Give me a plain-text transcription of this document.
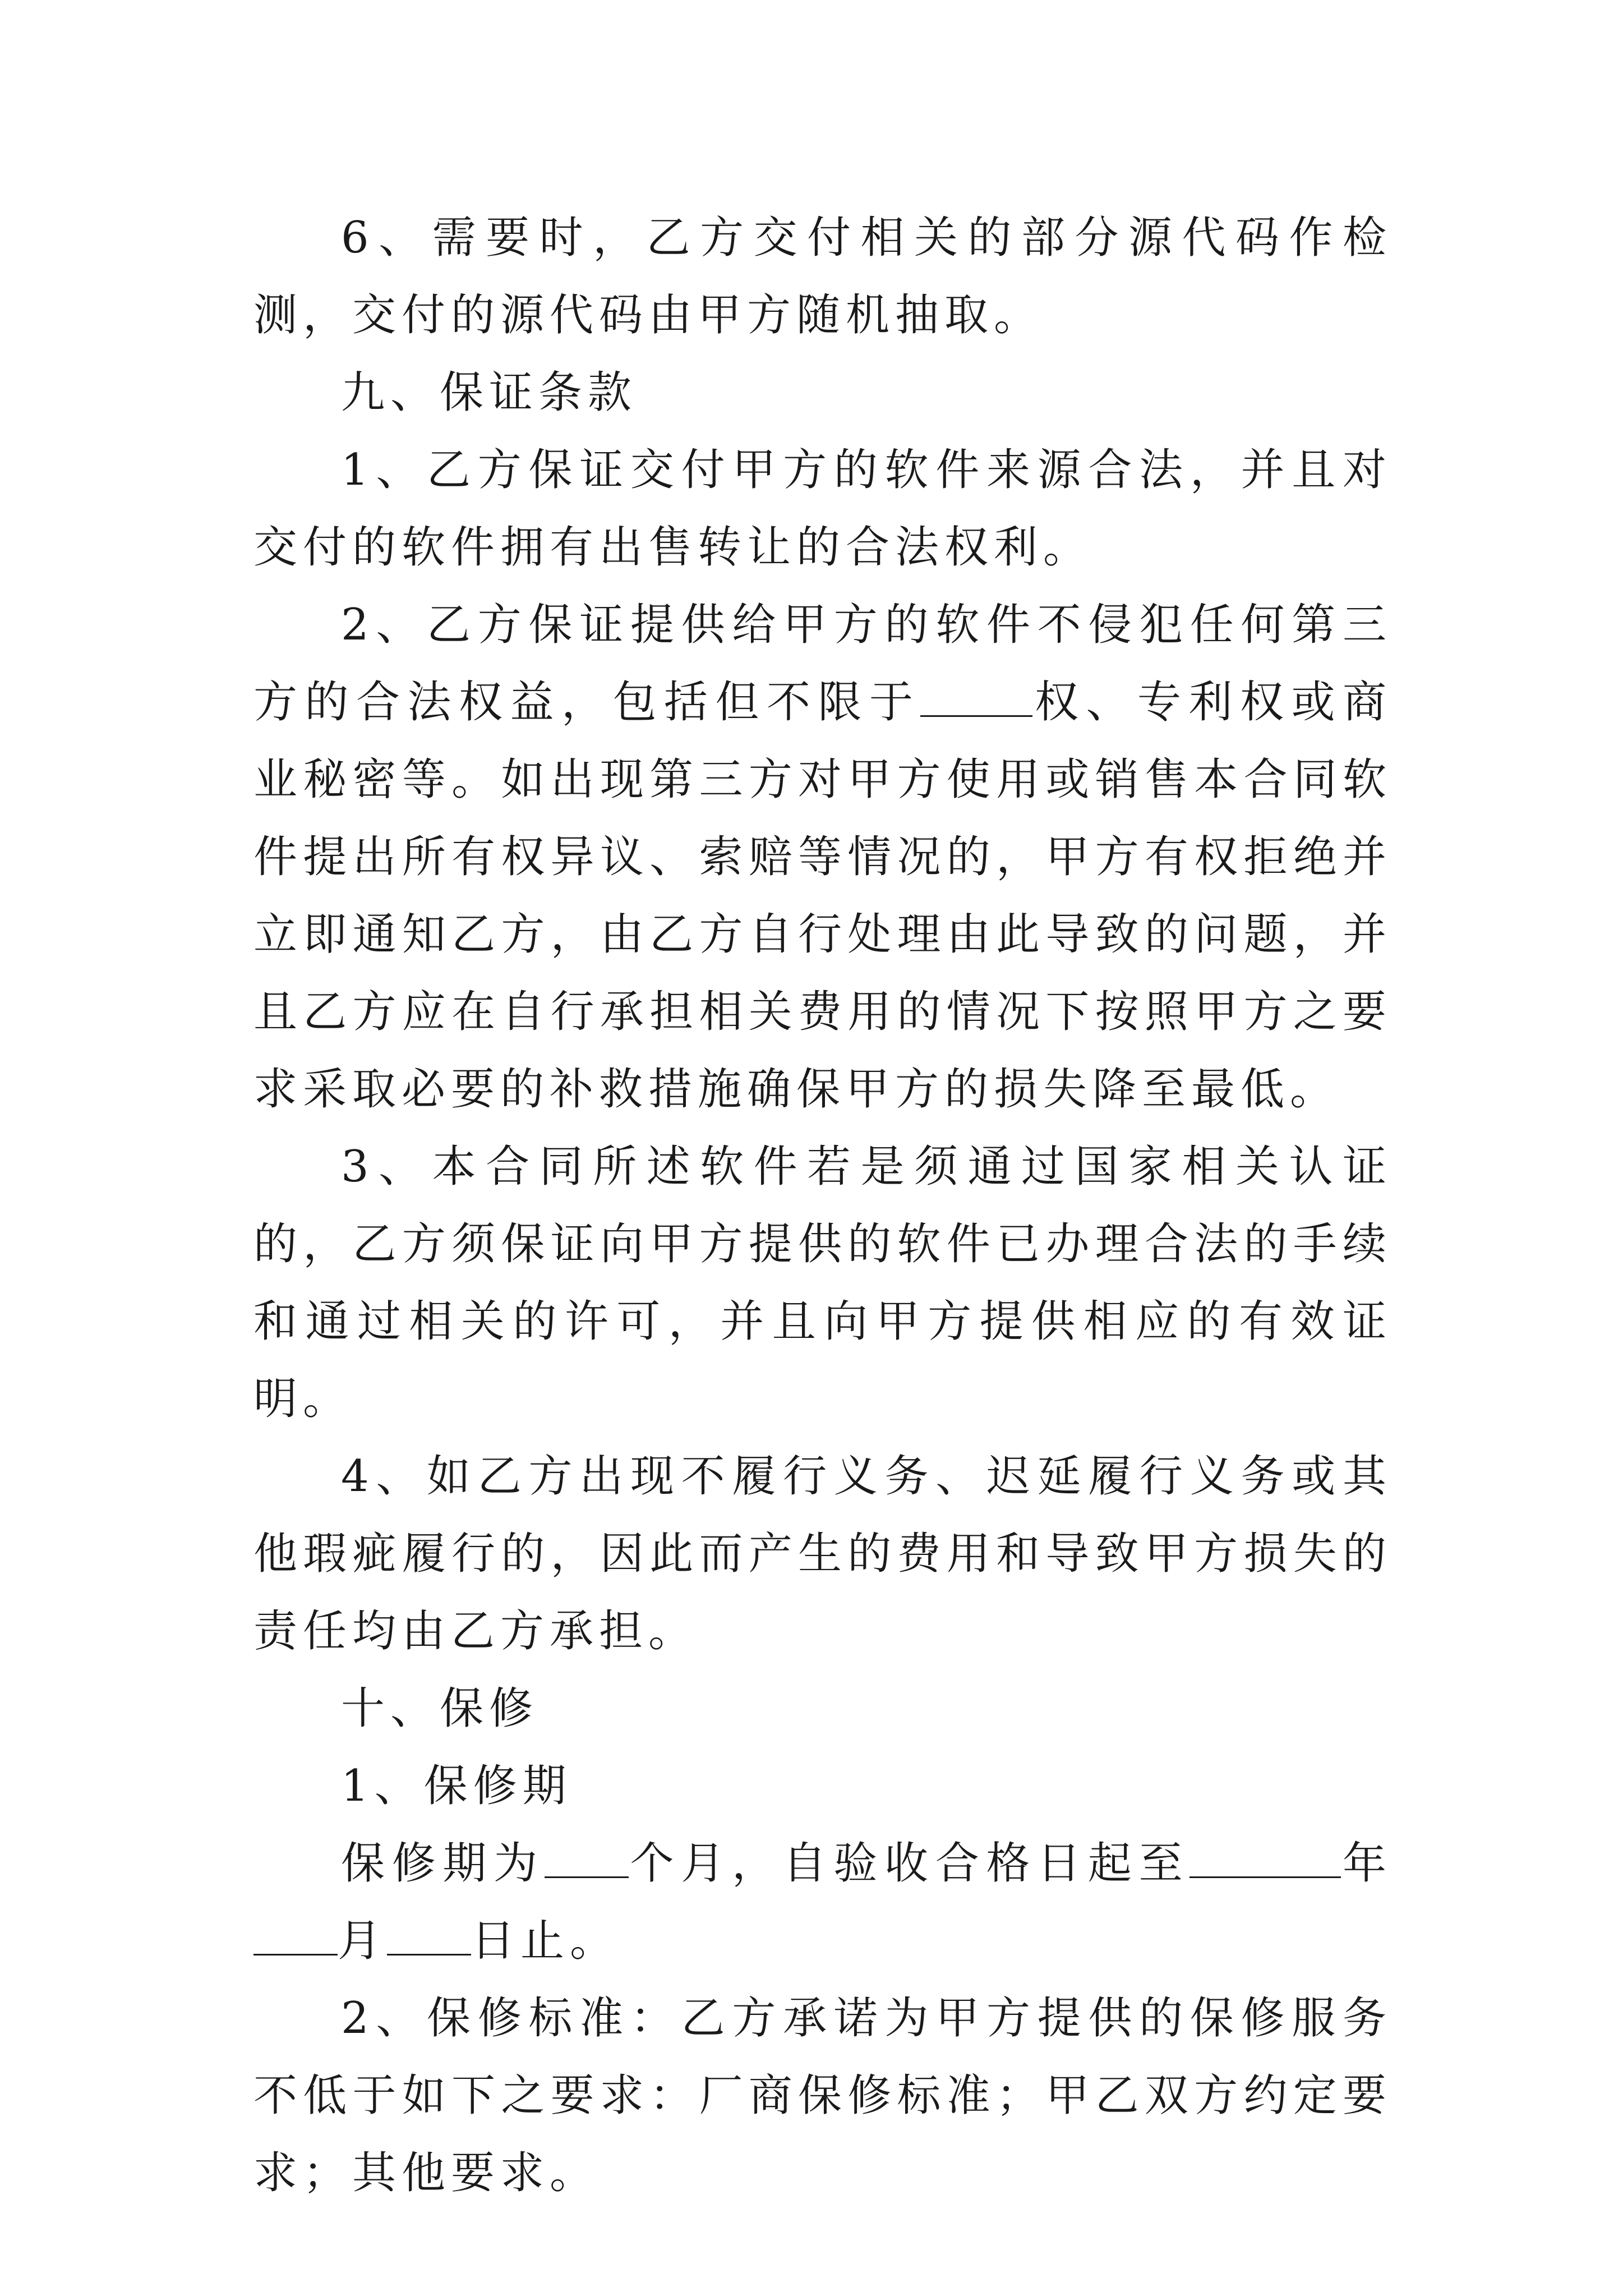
6、需要时，乙方交付相关的部分源代码作检测，交付的源代码由甲方随机抽取。

九、保证条款

1、乙方保证交付甲方的软件来源合法，并且对交付的软件拥有出售转让的合法权利。

2、乙方保证提供给甲方的软件不侵犯任何第三方的合法权益，包括但不限于	权、专利权或商业秘密等。如出现第三方对甲方使用或销售本合同软件提出所有权异议、索赔等情况的，甲方有权拒绝并立即通知乙方，由乙方自行处理由此导致的问题，并且乙方应在自行承担相关费用的情况下按照甲方之要求采取必要的补救措施确保甲方的损失降至最低。

3、本合同所述软件若是须通过国家相关认证的，乙方须保证向甲方提供的软件已办理合法的手续和通过相关的许可，并且向甲方提供相应的有效证明。

4、如乙方出现不履行义务、迟延履行义务或其他瑕疵履行的，因此而产生的费用和导致甲方损失的责任均由乙方承担。

十、保修

1、保修期

保修期为 个月，自验收合格日起至	年月 日止。

2、保修标准：乙方承诺为甲方提供的保修服务不低于如下之要求：厂商保修标准；甲乙双方约定要求；其他要求。
